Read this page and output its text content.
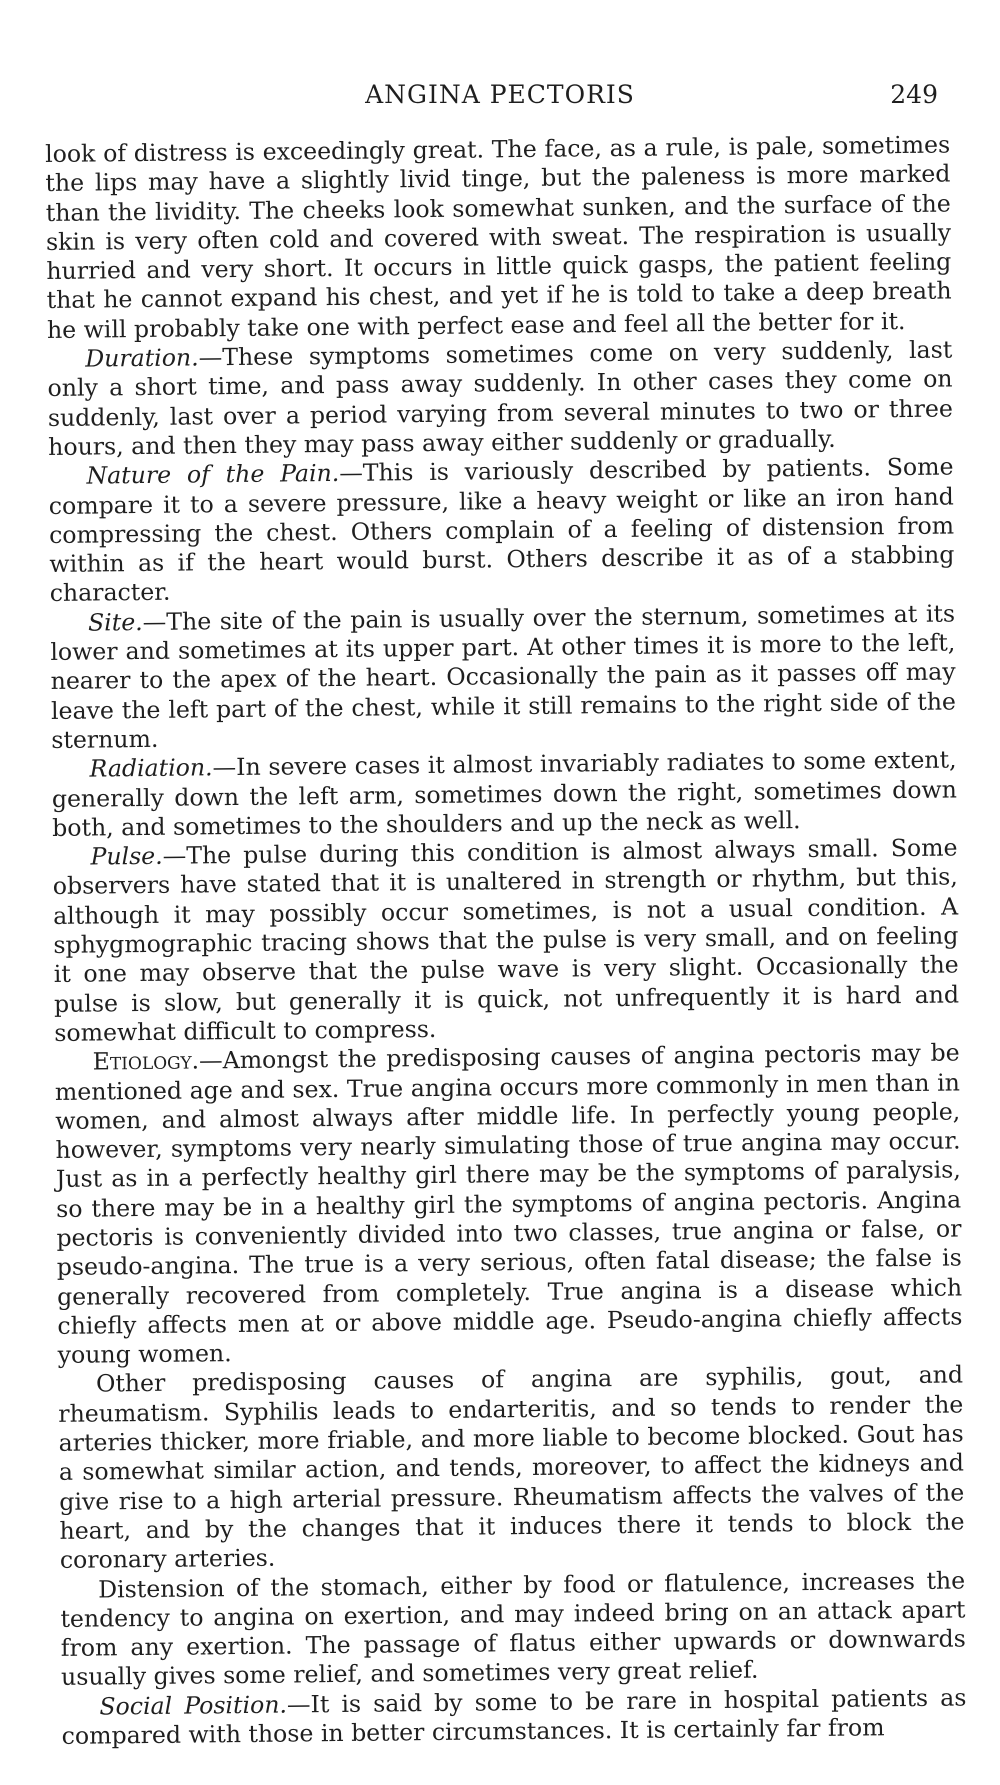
ANGINA PECTORIS	249

look of distress is exceedingly great. The face, as a rule, is pale, sometimes the lips may have a slightly livid tinge, but the paleness is more marked than the lividity. The cheeks look somewhat sunken, and the surface of the skin is very often cold and covered with sweat. The respiration is usually hurried and very short. It occurs in little quick gasps, the patient feeling that he cannot expand his chest, and yet if he is told to take a deep breath he will probably take one with perfect ease and feel all the better for it.

Duration.—These symptoms sometimes come on very suddenly, last only a short time, and pass away suddenly. In other cases they come on suddenly, last over a period varying from several minutes to two or three hours, and then they may pass away either suddenly or gradually.

Nature of the Pain.—This is variously described by patients. Some compare it to a severe pressure, like a heavy weight or like an iron hand compressing the chest. Others complain of a feeling of distension from within as if the heart would burst. Others describe it as of a stabbing character.

Site.—The site of the pain is usually over the sternum, sometimes at its lower and sometimes at its upper part. At other times it is more to the left, nearer to the apex of the heart. Occasionally the pain as it passes off may leave the left part of the chest, while it still remains to the right side of the sternum.

Radiation.—In severe cases it almost invariably radiates to some extent, generally down the left arm, sometimes down the right, sometimes down both, and sometimes to the shoulders and up the neck as well.

Pulse.—The pulse during this condition is almost always small. Some observers have stated that it is unaltered in strength or rhythm, but this, although it may possibly occur sometimes, is not a usual condition. A sphygmographic tracing shows that the pulse is very small, and on feeling it one may observe that the pulse wave is very slight. Occasionally the pulse is slow, but generally it is quick, not unfrequently it is hard and somewhat difficult to compress.

Etiology.—Amongst the predisposing causes of angina pectoris may be mentioned age and sex. True angina occurs more commonly in men than in women, and almost always after middle life. In perfectly young people, however, symptoms very nearly simulating those of true angina may occur. Just as in a perfectly healthy girl there may be the symptoms of paralysis, so there may be in a healthy girl the symptoms of angina pectoris. Angina pectoris is conveniently divided into two classes, true angina or false, or pseudo-angina. The true is a very serious, often fatal disease; the false is generally recovered from completely. True angina is a disease which chiefly affects men at or above middle age. Pseudo-angina chiefly affects young women.

Other predisposing causes of angina are syphilis, gout, and rheumatism. Syphilis leads to endarteritis, and so tends to render the arteries thicker, more friable, and more liable to become blocked. Gout has a somewhat similar action, and tends, moreover, to affect the kidneys and give rise to a high arterial pressure. Rheumatism affects the valves of the heart, and by the changes that it induces there it tends to block the coronary arteries.

Distension of the stomach, either by food or flatulence, increases the tendency to angina on exertion, and may indeed bring on an attack apart from any exertion. The passage of flatus either upwards or downwards usually gives some relief, and sometimes very great relief.

Social Position.—It is said by some to be rare in hospital patients as compared with those in better circumstances. It is certainly far from
